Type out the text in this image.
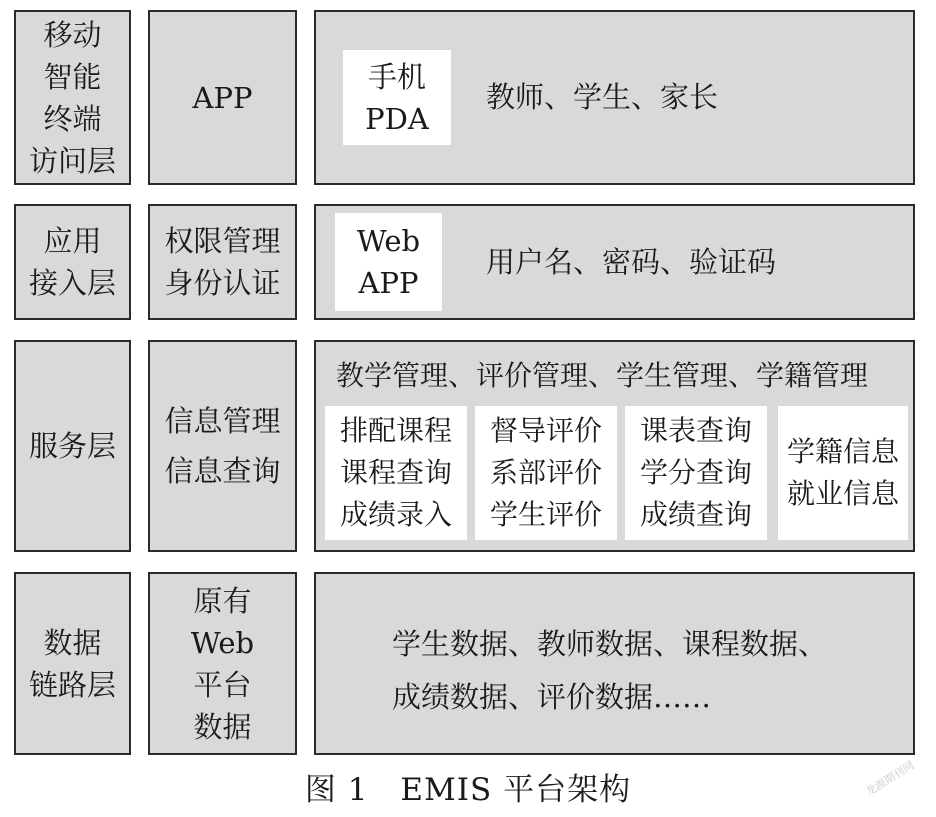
移动
智能
终端
访问层
APP
手机
PDA
教师、学生、家长
应用
接入层
权限管理
身份认证
Web
APP
用户名、密码、验证码
服务层
信息管理
信息查询
教学管理、评价管理、学生管理、学籍管理
排配课程
课程查询
成绩录入
督导评价
系部评价
学生评价
课表查询
学分查询
成绩查询
学籍信息
就业信息
数据
链路层
原有
Web
平台
数据
学生数据、教师数据、课程数据、
成绩数据、评价数据……
图 1　EMIS 平台架构	龙源期刊网
